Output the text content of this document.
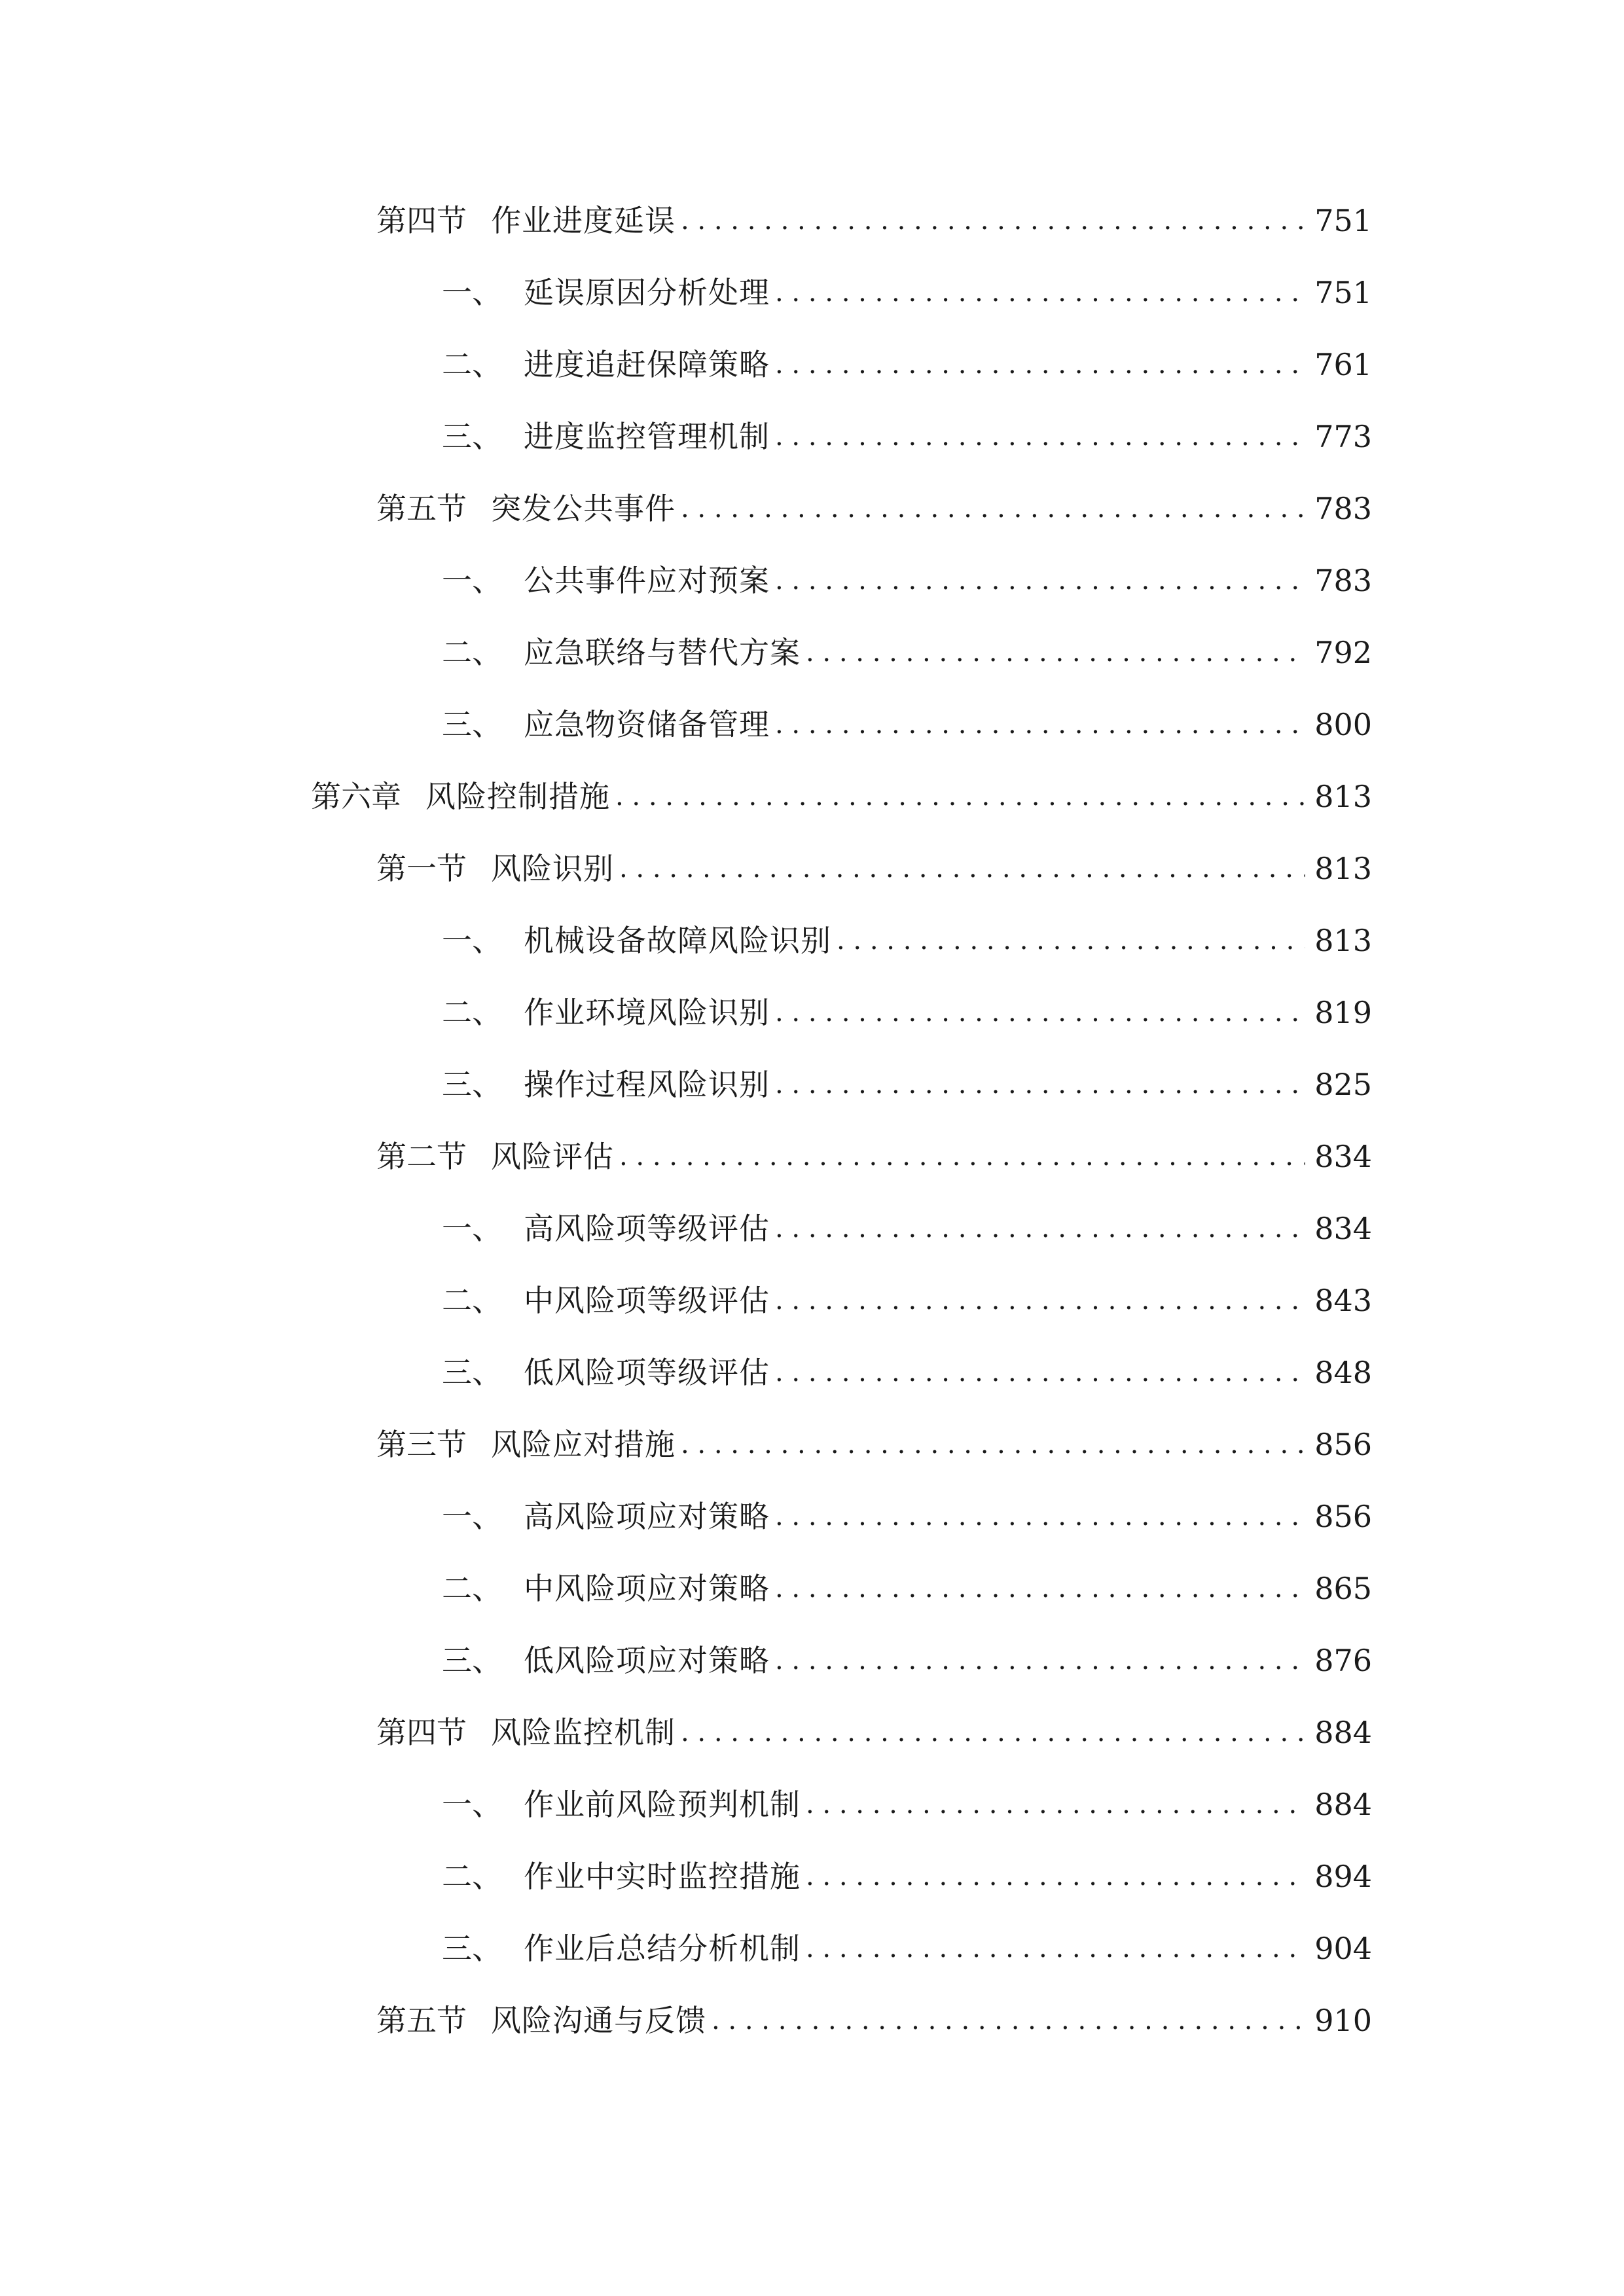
第四节 作业进度延误 . . .	751
一、 延误原因分析处理 . . .	751
二、 进度追赶保障策略 . . .	761
三、 进度监控管理机制 . . .	773
第五节 突发公共事件 . . .	783
一、 公共事件应对预案 . . .	783
二、 应急联络与替代方案 . . .	792
三、 应急物资储备管理 . . .	800
第六章 风险控制措施 . . .	813
第一节 风险识别 . . .	813
一、 机械设备故障风险识别 . . .	813
二、 作业环境风险识别 . . .	819
三、 操作过程风险识别 . . .	825
第二节 风险评估 . . .	834
一、 高风险项等级评估 . . .	834
二、 中风险项等级评估 . . .	843
三、 低风险项等级评估 . . .	848
第三节 风险应对措施 . . .	856
一、 高风险项应对策略 . . .	856
二、 中风险项应对策略 . . .	865
三、 低风险项应对策略 . . .	876
第四节 风险监控机制 . . .	884
一、 作业前风险预判机制 . . .	884
二、 作业中实时监控措施 . . .	894
三、 作业后总结分析机制 . . .	904
第五节 风险沟通与反馈 . . .	910
